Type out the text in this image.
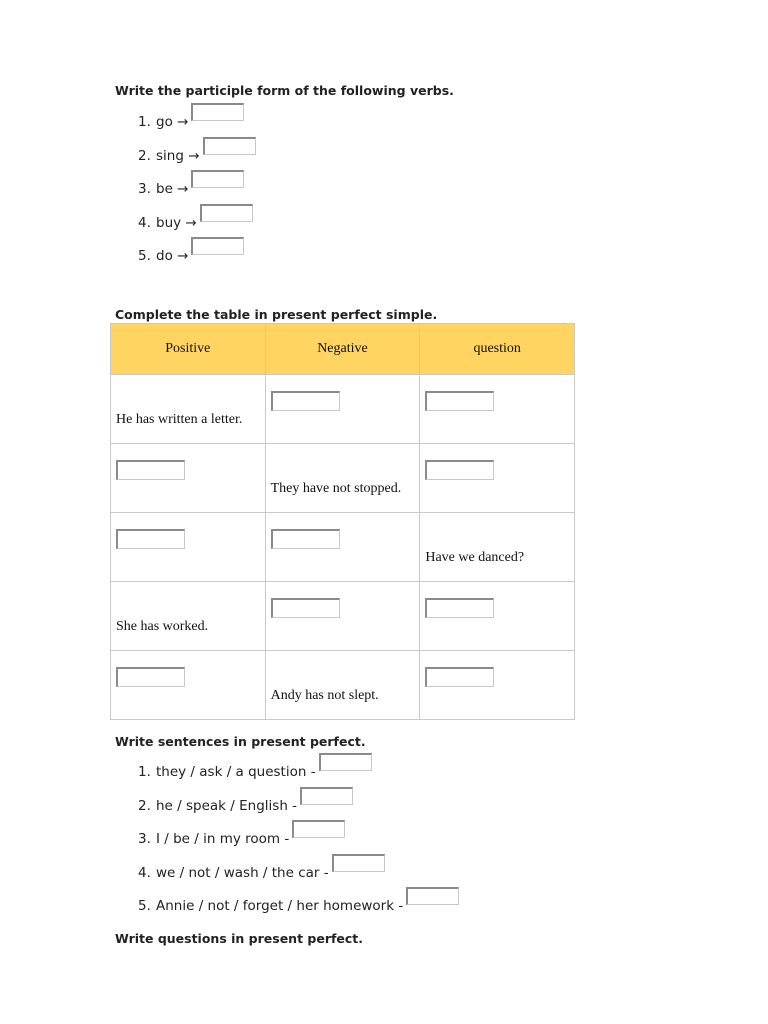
Write the participle form of the following verbs.
1. go →
2. sing →
3. be →
4. buy →
5. do →
Complete the table in present perfect simple.
Positive	Negative	question

He has written a letter.		

	They have not stopped.	

		Have we danced?

She has worked.		

	Andy has not slept.	

Write sentences in present perfect.
1. they / ask / a question -
2. he / speak / English -
3. I / be / in my room -
4. we / not / wash / the car -
5. Annie / not / forget / her homework -
Write questions in present perfect.
